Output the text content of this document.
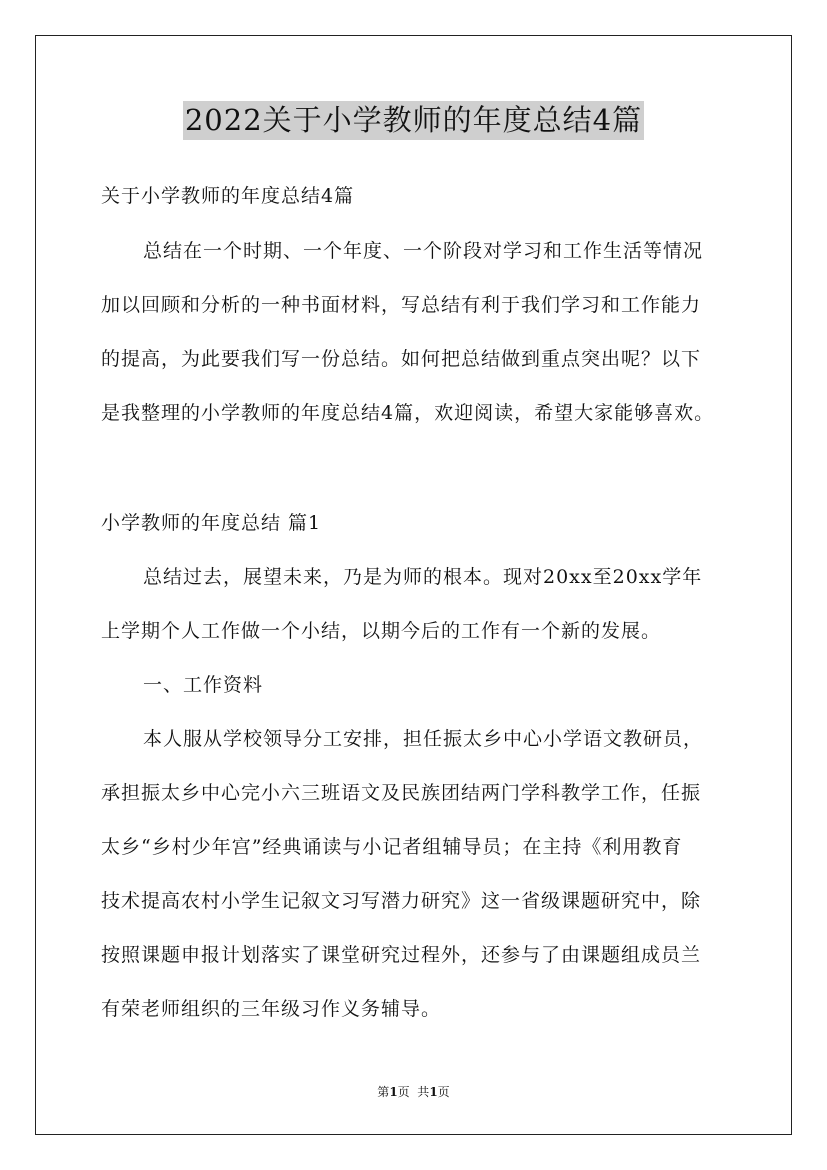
2022关于小学教师的年度总结4篇
关于小学教师的年度总结4篇
总结在一个时期、一个年度、一个阶段对学习和工作生活等情况
加以回顾和分析的一种书面材料，写总结有利于我们学习和工作能力
的提高，为此要我们写一份总结。如何把总结做到重点突出呢？以下
是我整理的小学教师的年度总结4篇，欢迎阅读，希望大家能够喜欢。
小学教师的年度总结 篇1
总结过去，展望未来，乃是为师的根本。现对20xx至20xx学年
上学期个人工作做一个小结，以期今后的工作有一个新的发展。
一、工作资料
本人服从学校领导分工安排，担任振太乡中心小学语文教研员，
承担振太乡中心完小六三班语文及民族团结两门学科教学工作，任振
太乡“乡村少年宫”经典诵读与小记者组辅导员；在主持《利用教育
技术提高农村小学生记叙文习写潜力研究》这一省级课题研究中，除
按照课题申报计划落实了课堂研究过程外，还参与了由课题组成员兰
有荣老师组织的三年级习作义务辅导。
第1页  共1页
